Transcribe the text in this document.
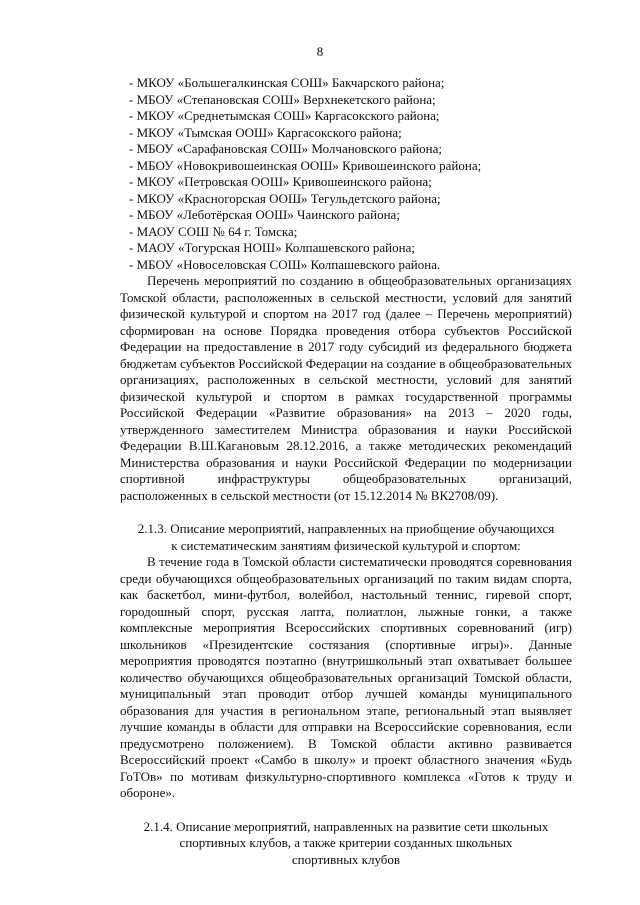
8
- МКОУ «Большегалкинская СОШ» Бакчарского района;
- МБОУ «Степановская СОШ» Верхнекетского района;
- МКОУ «Среднетымская СОШ» Каргасокского района;
- МКОУ «Тымская ООШ» Каргасокского района;
- МБОУ «Сарафановская СОШ» Молчановского района;
- МБОУ «Новокривошеинская ООШ» Кривошеинского района;
- МКОУ «Петровская ООШ» Кривошеинского района;
- МКОУ «Красногорская ООШ» Тегульдетского района;
- МБОУ «Леботёрская ООШ» Чаинского района;
- МАОУ СОШ № 64 г. Томска;
- МАОУ «Тогурская НОШ» Колпашевского района;
- МБОУ «Новоселовская СОШ» Колпашевского района.

Перечень мероприятий по созданию в общеобразовательных организациях Томской области, расположенных в сельской местности, условий для занятий физической культурой и спортом на 2017 год (далее – Перечень мероприятий) сформирован на основе Порядка проведения отбора субъектов Российской Федерации на предоставление в 2017 году субсидий из федерального бюджета бюджетам субъектов Российской Федерации на создание в общеобразовательных организациях, расположенных в сельской местности, условий для занятий физической культурой и спортом в рамках государственной программы Российской Федерации «Развитие образования» на 2013 – 2020 годы, утвержденного заместителем Министра образования и науки Российской Федерации В.Ш.Кагановым 28.12.2016, а также методических рекомендаций Министерства образования и науки Российской Федерации по модернизации спортивной инфраструктуры общеобразовательных организаций, расположенных в сельской местности (от 15.12.2014 № ВК2708/09).

2.1.3. Описание мероприятий, направленных на приобщение обучающихся
к систематическим занятиям физической культурой и спортом:

В течение года в Томской области систематически проводятся соревнования среди обучающихся общеобразовательных организаций по таким видам спорта, как баскетбол, мини-футбол, волейбол, настольный теннис, гиревой спорт, городошный спорт, русская лапта, полиатлон, лыжные гонки, а также комплексные мероприятия Всероссийских спортивных соревнований (игр) школьников «Президентские состязания (спортивные игры)». Данные мероприятия проводятся поэтапно (внутришкольный этап охватывает большее количество обучающихся общеобразовательных организаций Томской области, муниципальный этап проводит отбор лучшей команды муниципального образования для участия в региональном этапе, региональный этап выявляет лучшие команды в области для отправки на Всероссийские соревнования, если предусмотрено положением). В Томской области активно развивается Всероссийский проект «Самбо в школу» и проект областного значения «Будь ГоТОв» по мотивам физкультурно-спортивного комплекса «Готов к труду и обороне».

2.1.4. Описание мероприятий, направленных на развитие сети школьных
спортивных клубов, а также критерии созданных школьных
спортивных клубов
